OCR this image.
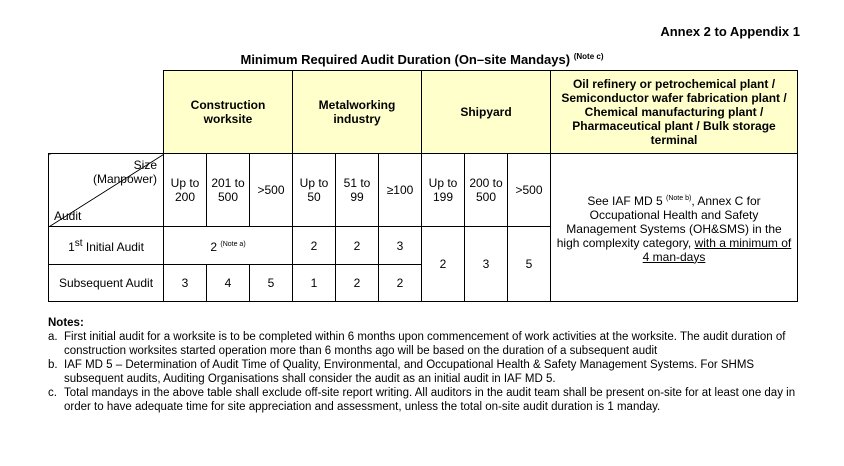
Annex 2 to Appendix 1
Minimum Required Audit Duration (On–site Mandays) $^{(Note c)}$
	Construction worksite			Metalworking industry			Shipyard			Oil refinery or petrochemical plant / Semiconductor wafer fabrication plant / Chemical manufacturing plant / Pharmaceutical plant / Bulk storage terminal

Size
(Manpower)
Audit	Up to 200	201 to 500	>500	Up to 50	51 to 99	≥100	Up to 199	200 to 500	>500	See IAF MD 5 $^{(Note b)}$, Annex C for Occupational Health and Safety Management Systems (OH&SMS) in the high complexity category, with a minimum of 4 man-days
1st Initial Audit	2 $^{(Note a)}$			2	2	3	2	3	5	
Subsequent Audit	3	4	5	1	2	2				
Notes:
a. First initial audit for a worksite is to be completed within 6 months upon commencement of work activities at the worksite. The audit duration of construction worksites started operation more than 6 months ago will be based on the duration of a subsequent audit
b. IAF MD 5 – Determination of Audit Time of Quality, Environmental, and Occupational Health & Safety Management Systems. For SHMS subsequent audits, Auditing Organisations shall consider the audit as an initial audit in IAF MD 5.
c. Total mandays in the above table shall exclude off-site report writing. All auditors in the audit team shall be present on-site for at least one day in order to have adequate time for site appreciation and assessment, unless the total on-site audit duration is 1 manday.
